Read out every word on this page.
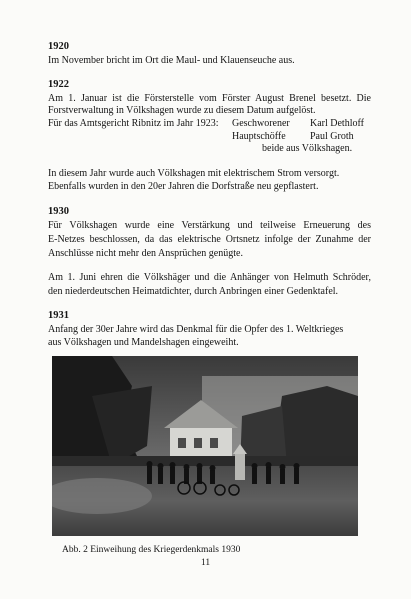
1920
Im November bricht im Ort die Maul- und Klauenseuche aus.
1922
Am 1. Januar ist die Försterstelle vom Förster August Brenel besetzt. Die
Forstverwaltung in Völkshagen wurde zu diesem Datum aufgelöst.
Für das Amtsgericht Ribnitz im Jahr 1923: Geschworener Karl Dethloff
Hauptschöffe Paul Groth
beide aus Völkshagen.
In diesem Jahr wurde auch Völkshagen mit elektrischem Strom versorgt.
Ebenfalls wurden in den 20er Jahren die Dorfstraße neu gepflastert.
1930
Für Völkshagen wurde eine Verstärkung und teilweise Erneuerung des
E-Netzes beschlossen, da das elektrische Ortsnetz infolge der Zunahme der
Anschlüsse nicht mehr den Ansprüchen genügte.
Am 1. Juni ehren die Völkshäger und die Anhänger von Helmuth Schröder,
den niederdeutschen Heimatdichter, durch Anbringen einer Gedenktafel.
1931
Anfang der 30er Jahre wird das Denkmal für die Opfer des 1. Weltkrieges
aus Völkshagen und Mandelshagen eingeweiht.
Abb. 2 Einweihung des Kriegerdenkmals 1930
11
